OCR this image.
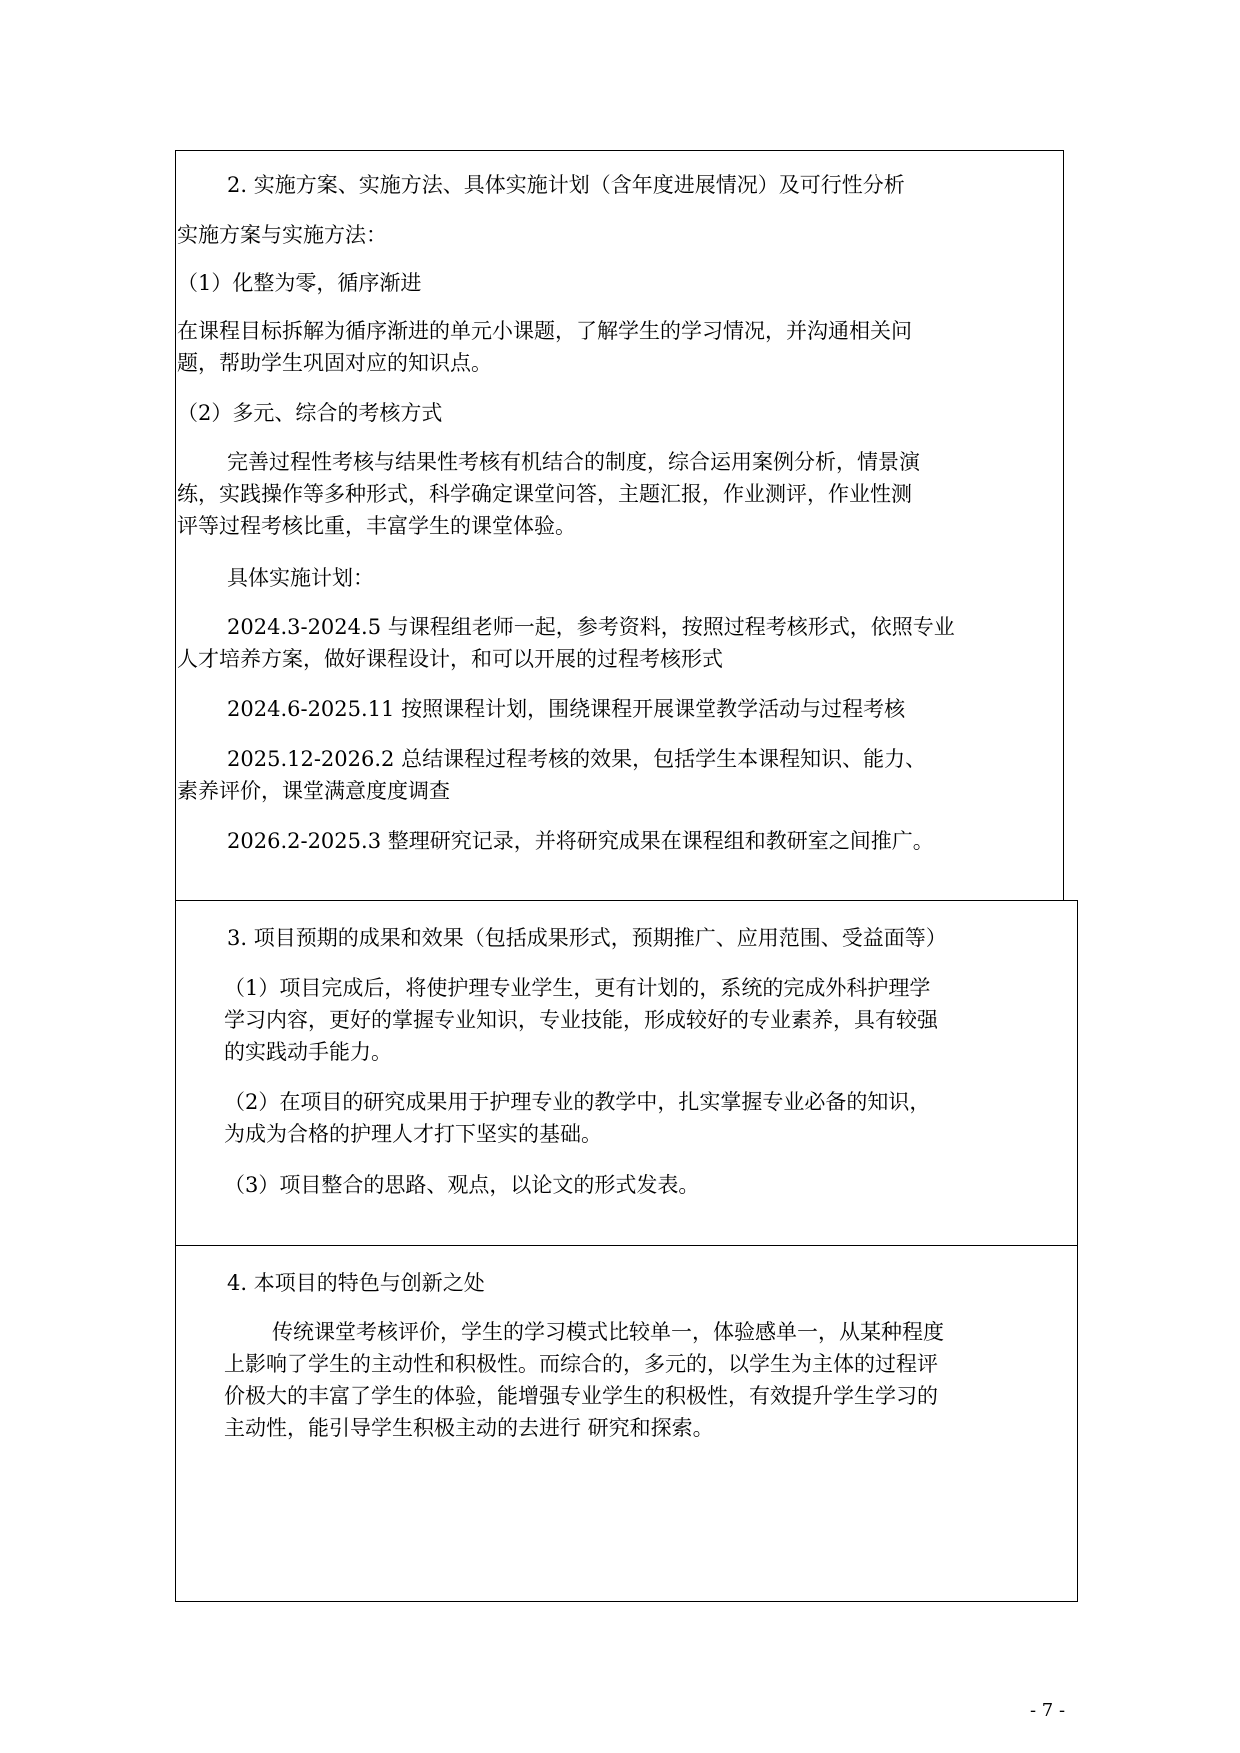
2. 实施方案、实施方法、具体实施计划（含年度进展情况）及可行性分析
实施方案与实施方法：
（1）化整为零，循序渐进
在课程目标拆解为循序渐进的单元小课题，了解学生的学习情况，并沟通相关问
题，帮助学生巩固对应的知识点。
（2）多元、综合的考核方式
完善过程性考核与结果性考核有机结合的制度，综合运用案例分析，情景演
练，实践操作等多种形式，科学确定课堂问答，主题汇报，作业测评，作业性测
评等过程考核比重，丰富学生的课堂体验。
具体实施计划：
2024.3-2024.5 与课程组老师一起，参考资料，按照过程考核形式，依照专业
人才培养方案，做好课程设计，和可以开展的过程考核形式
2024.6-2025.11 按照课程计划，围绕课程开展课堂教学活动与过程考核
2025.12-2026.2 总结课程过程考核的效果，包括学生本课程知识、能力、
素养评价，课堂满意度度调查
2026.2-2025.3 整理研究记录，并将研究成果在课程组和教研室之间推广。
3. 项目预期的成果和效果（包括成果形式，预期推广、应用范围、受益面等）
（1）项目完成后，将使护理专业学生，更有计划的，系统的完成外科护理学
学习内容，更好的掌握专业知识，专业技能，形成较好的专业素养，具有较强
的实践动手能力。
（2）在项目的研究成果用于护理专业的教学中，扎实掌握专业必备的知识，
为成为合格的护理人才打下坚实的基础。
（3）项目整合的思路、观点，以论文的形式发表。
4. 本项目的特色与创新之处
传统课堂考核评价，学生的学习模式比较单一，体验感单一，从某种程度
上影响了学生的主动性和积极性。而综合的，多元的，以学生为主体的过程评
价极大的丰富了学生的体验，能增强专业学生的积极性，有效提升学生学习的
主动性，能引导学生积极主动的去进行 研究和探索。
- 7 -
